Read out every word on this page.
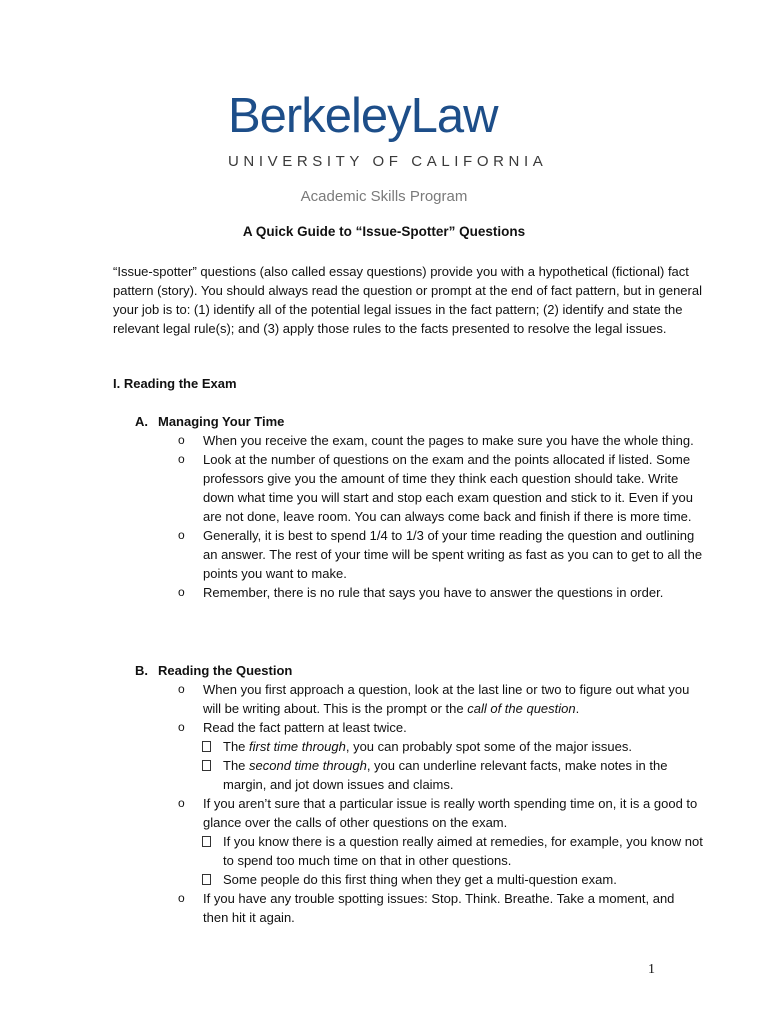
BerkeleyLaw
UNIVERSITY OF CALIFORNIA
Academic Skills Program
A Quick Guide to “Issue-Spotter” Questions

“Issue-spotter” questions (also called essay questions) provide you with a hypothetical (fictional) fact pattern (story). You should always read the question or prompt at the end of fact pattern, but in general your job is to: (1) identify all of the potential legal issues in the fact pattern; (2) identify and state the relevant legal rule(s); and (3) apply those rules to the facts presented to resolve the legal issues.

I. Reading the Exam
A. Managing Your Time
o	When you receive the exam, count the pages to make sure you have the whole thing.
o	Look at the number of questions on the exam and the points allocated if listed. Some professors give you the amount of time they think each question should take. Write down what time you will start and stop each exam question and stick to it. Even if you are not done, leave room. You can always come back and finish if there is more time.
o	Generally, it is best to spend 1/4 to 1/3 of your time reading the question and outlining an answer. The rest of your time will be spent writing as fast as you can to get to all the points you want to make.
o	Remember, there is no rule that says you have to answer the questions in order.
B. Reading the Question
o	When you first approach a question, look at the last line or two to figure out what you will be writing about. This is the prompt or the call of the question.
o	Read the fact pattern at least twice.
The first time through, you can probably spot some of the major issues.
The second time through, you can underline relevant facts, make notes in the margin, and jot down issues and claims.
o	If you aren’t sure that a particular issue is really worth spending time on, it is a good to glance over the calls of other questions on the exam.
If you know there is a question really aimed at remedies, for example, you know not to spend too much time on that in other questions.
Some people do this first thing when they get a multi-question exam.
o	If you have any trouble spotting issues: Stop. Think. Breathe. Take a moment, and then hit it again.
1
